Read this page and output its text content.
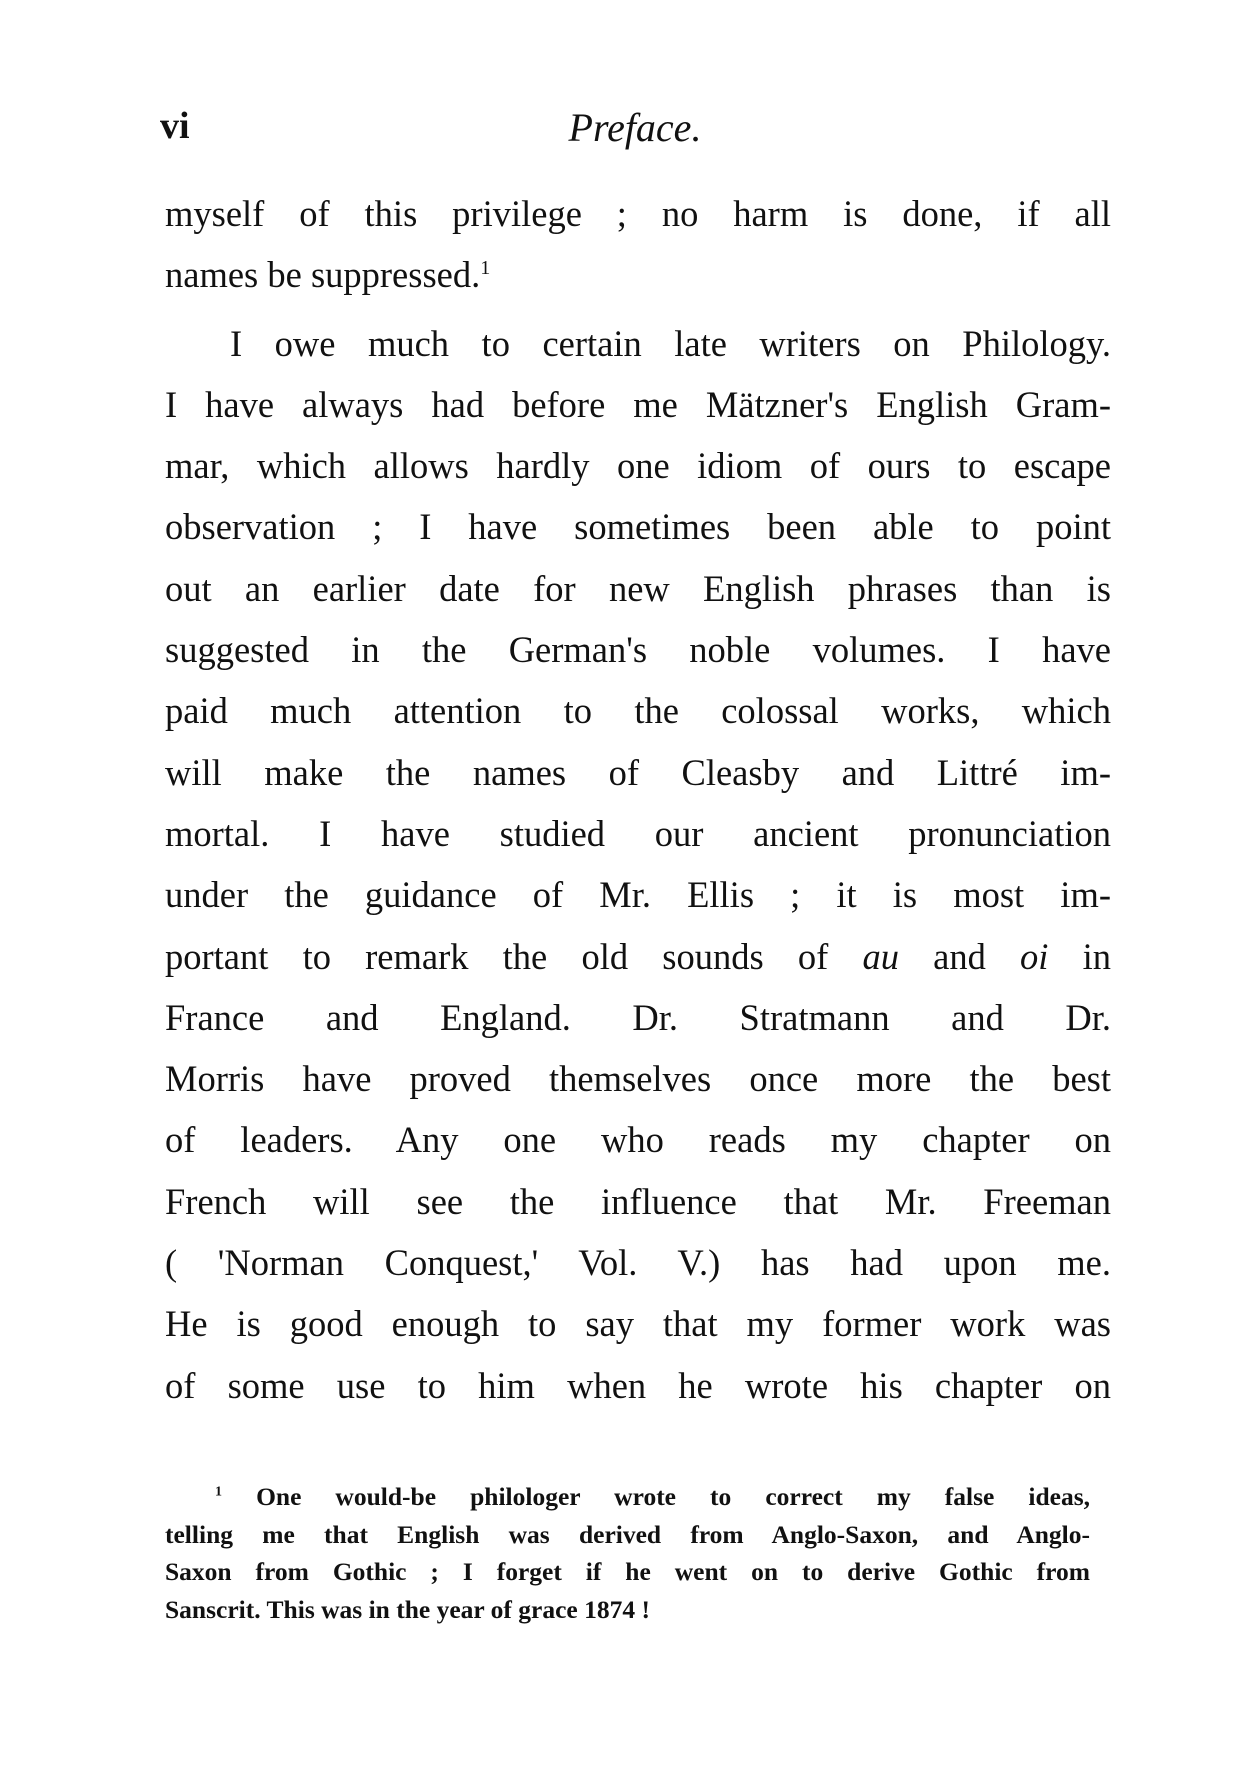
Preface.
vi
myself of this privilege ; no harm is done, if all
names be suppressed.$^1$
I owe much to certain late writers on Philology.
I have always had before me Mätzner's English Gram-
mar, which allows hardly one idiom of ours to escape
observation ; I have sometimes been able to point
out an earlier date for new English phrases than is
suggested in the German's noble volumes. I have
paid much attention to the colossal works, which
will make the names of Cleasby and Littré im-
mortal. I have studied our ancient pronunciation
under the guidance of Mr. Ellis ; it is most im-
portant to remark the old sounds of au and oi in
France and England. Dr. Stratmann and Dr.
Morris have proved themselves once more the best
of leaders. Any one who reads my chapter on
French will see the influence that Mr. Freeman
( 'Norman Conquest,' Vol. V.) has had upon me.
He is good enough to say that my former work was
of some use to him when he wrote his chapter on
$^1$ One would-be philologer wrote to correct my false ideas,
telling me that English was derived from Anglo-Saxon, and Anglo-
Saxon from Gothic ; I forget if he went on to derive Gothic from
Sanscrit. This was in the year of grace 1874 !
